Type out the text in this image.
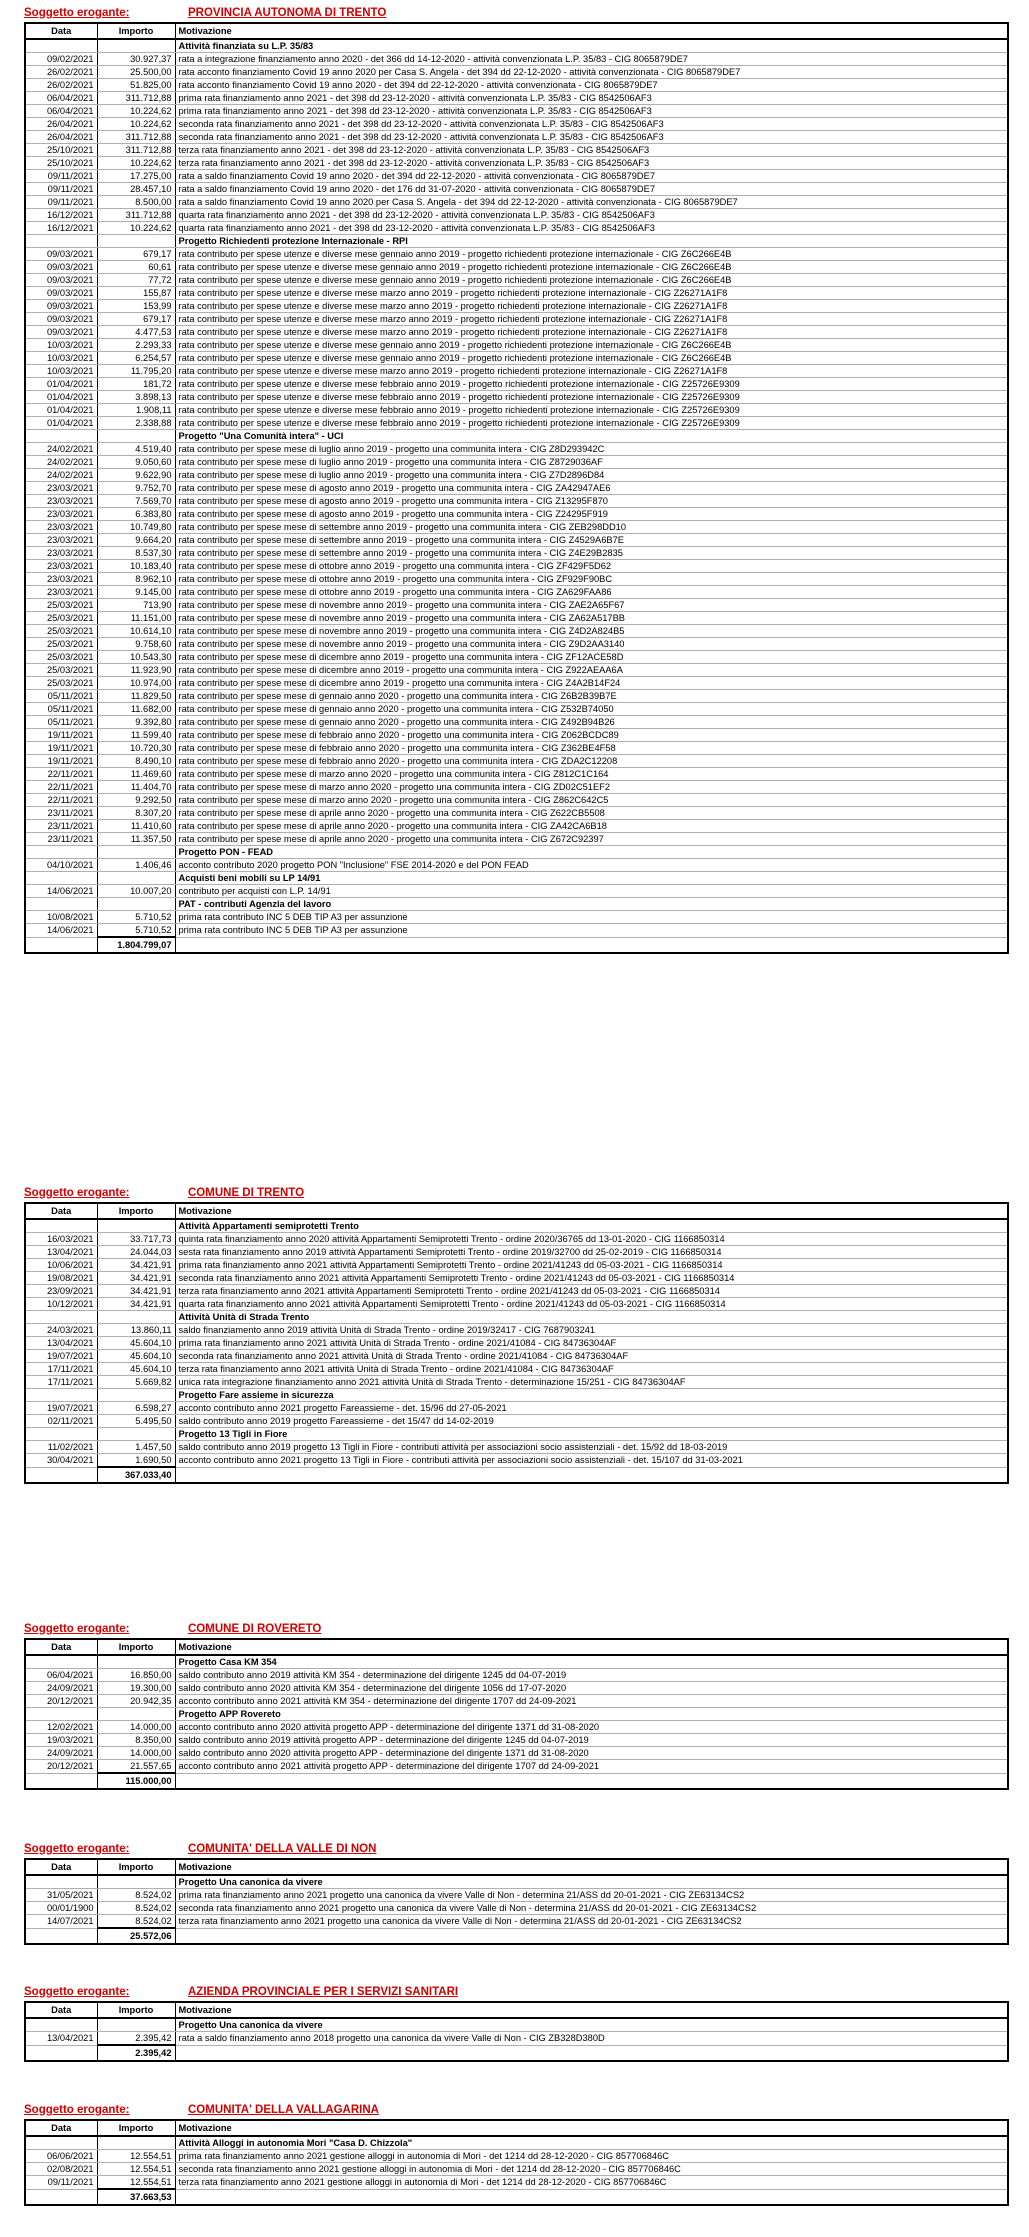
Soggetto erogante:	PROVINCIA AUTONOMA DI TRENTO
Data	Importo	Motivazione
		Attività finanziata su L.P. 35/83
09/02/2021	30.927,37	rata a integrazione finanziamento anno 2020 - det 366 dd 14-12-2020 - attività convenzionata L.P. 35/83 - CIG 8065879DE7
26/02/2021	25.500,00	rata acconto finanziamento Covid 19 anno 2020 per Casa S. Angela - det 394 dd 22-12-2020 - attività convenzionata - CIG 8065879DE7
26/02/2021	51.825,00	rata acconto finanziamento Covid 19 anno 2020 - det 394 dd 22-12-2020 - attività convenzionata - CIG 8065879DE7
06/04/2021	311.712,88	prima rata finanziamento anno 2021 - det 398 dd 23-12-2020 - attività convenzionata L.P. 35/83 - CIG 8542506AF3
06/04/2021	10.224,62	prima rata finanziamento anno 2021 - det 398 dd 23-12-2020 - attività convenzionata L.P. 35/83 - CIG 8542506AF3
26/04/2021	10.224,62	seconda rata finanziamento anno 2021 - det 398 dd 23-12-2020 - attività convenzionata L.P. 35/83 - CIG 8542506AF3
26/04/2021	311.712,88	seconda rata finanziamento anno 2021 - det 398 dd 23-12-2020 - attività convenzionata L.P. 35/83 - CIG 8542506AF3
25/10/2021	311.712,88	terza rata finanziamento anno 2021 - det 398 dd 23-12-2020 - attività convenzionata L.P. 35/83 - CIG 8542506AF3
25/10/2021	10.224,62	terza rata finanziamento anno 2021 - det 398 dd 23-12-2020 - attività convenzionata L.P. 35/83 - CIG 8542506AF3
09/11/2021	17.275,00	rata a saldo finanziamento Covid 19 anno 2020 - det 394 dd 22-12-2020 - attività convenzionata - CIG 8065879DE7
09/11/2021	28.457,10	rata a saldo finanziamento Covid 19 anno 2020 - det 176 dd 31-07-2020 - attività convenzionata - CIG 8065879DE7
09/11/2021	8.500,00	rata a saldo finanziamento Covid 19 anno 2020 per Casa S. Angela - det 394 dd 22-12-2020 - attività convenzionata - CIG 8065879DE7
16/12/2021	311.712,88	quarta rata finanziamento anno 2021 - det 398 dd 23-12-2020 - attività convenzionata L.P. 35/83 - CIG 8542506AF3
16/12/2021	10.224,62	quarta rata finanziamento anno 2021 - det 398 dd 23-12-2020 - attività convenzionata L.P. 35/83 - CIG 8542506AF3
		Progetto Richiedenti protezione Internazionale - RPI
09/03/2021	679,17	rata contributo per spese utenze e diverse mese gennaio anno 2019 - progetto richiedenti protezione internazionale - CIG Z6C266E4B
09/03/2021	60,61	rata contributo per spese utenze e diverse mese gennaio anno 2019 - progetto richiedenti protezione internazionale - CIG Z6C266E4B
09/03/2021	77,72	rata contributo per spese utenze e diverse mese gennaio anno 2019 - progetto richiedenti protezione internazionale - CIG Z6C266E4B
09/03/2021	155,87	rata contributo per spese utenze e diverse mese marzo anno 2019 - progetto richiedenti protezione internazionale - CIG Z26271A1F8
09/03/2021	153,99	rata contributo per spese utenze e diverse mese marzo anno 2019 - progetto richiedenti protezione internazionale - CIG Z26271A1F8
09/03/2021	679,17	rata contributo per spese utenze e diverse mese marzo anno 2019 - progetto richiedenti protezione internazionale - CIG Z26271A1F8
09/03/2021	4.477,53	rata contributo per spese utenze e diverse mese marzo anno 2019 - progetto richiedenti protezione internazionale - CIG Z26271A1F8
10/03/2021	2.293,33	rata contributo per spese utenze e diverse mese gennaio anno 2019 - progetto richiedenti protezione internazionale - CIG Z6C266E4B
10/03/2021	6.254,57	rata contributo per spese utenze e diverse mese gennaio anno 2019 - progetto richiedenti protezione internazionale - CIG Z6C266E4B
10/03/2021	11.795,20	rata contributo per spese utenze e diverse mese marzo anno 2019 - progetto richiedenti protezione internazionale - CIG Z26271A1F8
01/04/2021	181,72	rata contributo per spese utenze e diverse mese febbraio anno 2019 - progetto richiedenti protezione internazionale - CIG Z25726E9309
01/04/2021	3.898,13	rata contributo per spese utenze e diverse mese febbraio anno 2019 - progetto richiedenti protezione internazionale - CIG Z25726E9309
01/04/2021	1.908,11	rata contributo per spese utenze e diverse mese febbraio anno 2019 - progetto richiedenti protezione internazionale - CIG Z25726E9309
01/04/2021	2.338,88	rata contributo per spese utenze e diverse mese febbraio anno 2019 - progetto richiedenti protezione internazionale - CIG Z25726E9309
		Progetto "Una Comunità intera" - UCI
24/02/2021	4.519,40	rata contributo per spese mese di luglio anno 2019 - progetto una communita intera - CIG Z8D293942C
24/02/2021	9.050,60	rata contributo per spese mese di luglio anno 2019 - progetto una communita intera - CIG Z8729036AF
24/02/2021	9.622,90	rata contributo per spese mese di luglio anno 2019 - progetto una communita intera - CIG Z7D2896D84
23/03/2021	9.752,70	rata contributo per spese mese di agosto anno 2019 - progetto una communita intera - CIG ZA42947AE6
23/03/2021	7.569,70	rata contributo per spese mese di agosto anno 2019 - progetto una communita intera - CIG Z13295F870
23/03/2021	6.383,80	rata contributo per spese mese di agosto anno 2019 - progetto una communita intera - CIG Z24295F919
23/03/2021	10.749,80	rata contributo per spese mese di settembre anno 2019 - progetto una communita intera - CIG ZEB298DD10
23/03/2021	9.664,20	rata contributo per spese mese di settembre anno 2019 - progetto una communita intera - CIG Z4529A6B7E
23/03/2021	8.537,30	rata contributo per spese mese di settembre anno 2019 - progetto una communita intera - CIG Z4E29B2835
23/03/2021	10.183,40	rata contributo per spese mese di ottobre anno 2019 - progetto una communita intera - CIG ZF429F5D62
23/03/2021	8.962,10	rata contributo per spese mese di ottobre anno 2019 - progetto una communita intera - CIG ZF929F90BC
23/03/2021	9.145,00	rata contributo per spese mese di ottobre anno 2019 - progetto una communita intera - CIG ZA629FAA86
25/03/2021	713,90	rata contributo per spese mese di novembre anno 2019 - progetto una communita intera - CIG ZAE2A65F67
25/03/2021	11.151,00	rata contributo per spese mese di novembre anno 2019 - progetto una communita intera - CIG ZA62A517BB
25/03/2021	10.614,10	rata contributo per spese mese di novembre anno 2019 - progetto una communita intera - CIG Z4D2A824B5
25/03/2021	9.758,60	rata contributo per spese mese di novembre anno 2019 - progetto una communita intera - CIG Z9D2AA3140
25/03/2021	10.543,30	rata contributo per spese mese di dicembre anno 2019 - progetto una communita intera - CIG ZF12ACE58D
25/03/2021	11.923,90	rata contributo per spese mese di dicembre anno 2019 - progetto una communita intera - CIG Z922AEAA6A
25/03/2021	10.974,00	rata contributo per spese mese di dicembre anno 2019 - progetto una communita intera - CIG Z4A2B14F24
05/11/2021	11.829,50	rata contributo per spese mese di gennaio anno 2020 - progetto una communita intera - CIG Z6B2B39B7E
05/11/2021	11.682,00	rata contributo per spese mese di gennaio anno 2020 - progetto una communita intera - CIG Z532B74050
05/11/2021	9.392,80	rata contributo per spese mese di gennaio anno 2020 - progetto una communita intera - CIG Z492B94B26
19/11/2021	11.599,40	rata contributo per spese mese di febbraio anno 2020 - progetto una communita intera - CIG Z062BCDC89
19/11/2021	10.720,30	rata contributo per spese mese di febbraio anno 2020 - progetto una communita intera - CIG Z362BE4F58
19/11/2021	8.490,10	rata contributo per spese mese di febbraio anno 2020 - progetto una communita intera - CIG ZDA2C12208
22/11/2021	11.469,60	rata contributo per spese mese di marzo anno 2020 - progetto una communita intera - CIG Z812C1C164
22/11/2021	11.404,70	rata contributo per spese mese di marzo anno 2020 - progetto una communita intera - CIG ZD02C51EF2
22/11/2021	9.292,50	rata contributo per spese mese di marzo anno 2020 - progetto una communita intera - CIG Z862C642C5
23/11/2021	8.307,20	rata contributo per spese mese di aprile anno 2020 - progetto una communita intera - CIG Z622CB5508
23/11/2021	11.410,60	rata contributo per spese mese di aprile anno 2020 - progetto una communita intera - CIG ZA42CA6B18
23/11/2021	11.357,50	rata contributo per spese mese di aprile anno 2020 - progetto una communita intera - CIG Z672C92397
		Progetto PON - FEAD
04/10/2021	1.406,46	acconto contributo 2020 progetto PON "Inclusione" FSE 2014-2020 e del PON FEAD
		Acquisti beni mobili su LP 14/91
14/06/2021	10.007,20	contributo per acquisti con L.P. 14/91
		PAT - contributi Agenzia del lavoro
10/08/2021	5.710,52	prima rata contributo INC 5 DEB TIP A3 per assunzione
14/06/2021	5.710,52	prima rata contributo INC 5 DEB TIP A3 per assunzione
	1.804.799,07	
Soggetto erogante:	COMUNE DI TRENTO
Data	Importo	Motivazione
		Attività Appartamenti semiprotetti Trento
16/03/2021	33.717,73	quinta rata finanziamento anno 2020 attività Appartamenti Semiprotetti Trento - ordine 2020/36765 dd 13-01-2020 - CIG 1166850314
13/04/2021	24.044,03	sesta rata finanziamento anno 2019 attività Appartamenti Semiprotetti Trento - ordine 2019/32700 dd 25-02-2019 - CIG 1166850314
10/06/2021	34.421,91	prima rata finanziamento anno 2021 attività Appartamenti Semiprotetti Trento - ordine 2021/41243 dd 05-03-2021 - CIG 1166850314
19/08/2021	34.421,91	seconda rata finanziamento anno 2021 attività Appartamenti Semiprotetti Trento - ordine 2021/41243 dd 05-03-2021 - CIG 1166850314
23/09/2021	34.421,91	terza rata finanziamento anno 2021 attività Appartamenti Semiprotetti Trento - ordine 2021/41243 dd 05-03-2021 - CIG 1166850314
10/12/2021	34.421,91	quarta rata finanziamento anno 2021 attività Appartamenti Semiprotetti Trento - ordine 2021/41243 dd 05-03-2021 - CIG 1166850314
		Attività Unità di Strada Trento
24/03/2021	13.860,11	saldo finanziamento anno 2019 attività Unità di Strada Trento - ordine 2019/32417 - CIG 7687903241
13/04/2021	45.604,10	prima rata finanziamento anno 2021 attività Unità di Strada Trento - ordine 2021/41084 - CIG 84736304AF
19/07/2021	45.604,10	seconda rata finanziamento anno 2021 attività Unità di Strada Trento - ordine 2021/41084 - CIG 84736304AF
17/11/2021	45.604,10	terza rata finanziamento anno 2021 attività Unità di Strada Trento - ordine 2021/41084 - CIG 84736304AF
17/11/2021	5.669,82	unica rata integrazione finanziamento anno 2021 attività Unità di Strada Trento - determinazione 15/251 - CIG 84736304AF
		Progetto Fare assieme in sicurezza
19/07/2021	6.598,27	acconto contributo anno 2021 progetto Fareassieme - det. 15/96 dd 27-05-2021
02/11/2021	5.495,50	saldo contributo anno 2019 progetto Fareassieme - det 15/47 dd 14-02-2019
		Progetto 13 Tigli in Fiore
11/02/2021	1.457,50	saldo contributo anno 2019 progetto 13 Tigli in Fiore - contributi attività per associazioni socio assistenziali - det. 15/92 dd 18-03-2019
30/04/2021	1.690,50	acconto contributo anno 2021 progetto 13 Tigli in Fiore - contributi attività per associazioni socio assistenziali - det. 15/107 dd 31-03-2021
	367.033,40	
Soggetto erogante:	COMUNE DI ROVERETO
Data	Importo	Motivazione
		Progetto Casa KM 354
06/04/2021	16.850,00	saldo contributo anno 2019 attività KM 354 - determinazione del dirigente 1245 dd 04-07-2019
24/09/2021	19.300,00	saldo contributo anno 2020 attività KM 354 - determinazione del dirigente 1056 dd 17-07-2020
20/12/2021	20.942,35	acconto contributo anno 2021 attività KM 354 - determinazione del dirigente 1707 dd 24-09-2021
		Progetto APP Rovereto
12/02/2021	14.000,00	acconto contributo anno 2020 attività progetto APP - determinazione del dirigente 1371 dd 31-08-2020
19/03/2021	8.350,00	saldo contributo anno 2019 attività progetto APP - determinazione del dirigente 1245 dd 04-07-2019
24/09/2021	14.000,00	saldo contributo anno 2020 attività progetto APP - determinazione del dirigente 1371 dd 31-08-2020
20/12/2021	21.557,65	acconto contributo anno 2021 attività progetto APP - determinazione del dirigente 1707 dd 24-09-2021
	115.000,00	
Soggetto erogante:	COMUNITA' DELLA VALLE DI NON
Data	Importo	Motivazione
		Progetto Una canonica da vivere
31/05/2021	8.524,02	prima rata finanziamento anno 2021 progetto una canonica da vivere Valle di Non - determina 21/ASS dd 20-01-2021 - CIG ZE63134CS2
00/01/1900	8.524,02	seconda rata finanziamento anno 2021 progetto una canonica da vivere Valle di Non - determina 21/ASS dd 20-01-2021 - CIG ZE63134CS2
14/07/2021	8.524,02	terza rata finanziamento anno 2021 progetto una canonica da vivere Valle di Non - determina 21/ASS dd 20-01-2021 - CIG ZE63134CS2
	25.572,06	
Soggetto erogante:	AZIENDA PROVINCIALE PER I SERVIZI SANITARI
Data	Importo	Motivazione
		Progetto Una canonica da vivere
13/04/2021	2.395,42	rata a saldo finanziamento anno 2018 progetto una canonica da vivere Valle di Non - CIG ZB328D380D
	2.395,42	
Soggetto erogante:	COMUNITA' DELLA VALLAGARINA
Data	Importo	Motivazione
		Attività Alloggi in autonomia Mori "Casa D. Chizzola"
06/06/2021	12.554,51	prima rata finanziamento anno 2021 gestione alloggi in autonomia di Mori - det 1214 dd 28-12-2020 - CIG 857706846C
02/08/2021	12.554,51	seconda rata finanziamento anno 2021 gestione alloggi in autonomia di Mori - det 1214 dd 28-12-2020 - CIG 857706846C
09/11/2021	12.554,51	terza rata finanziamento anno 2021 gestione alloggi in autonomia di Mori - det 1214 dd 28-12-2020 - CIG 857706846C
	37.663,53	
